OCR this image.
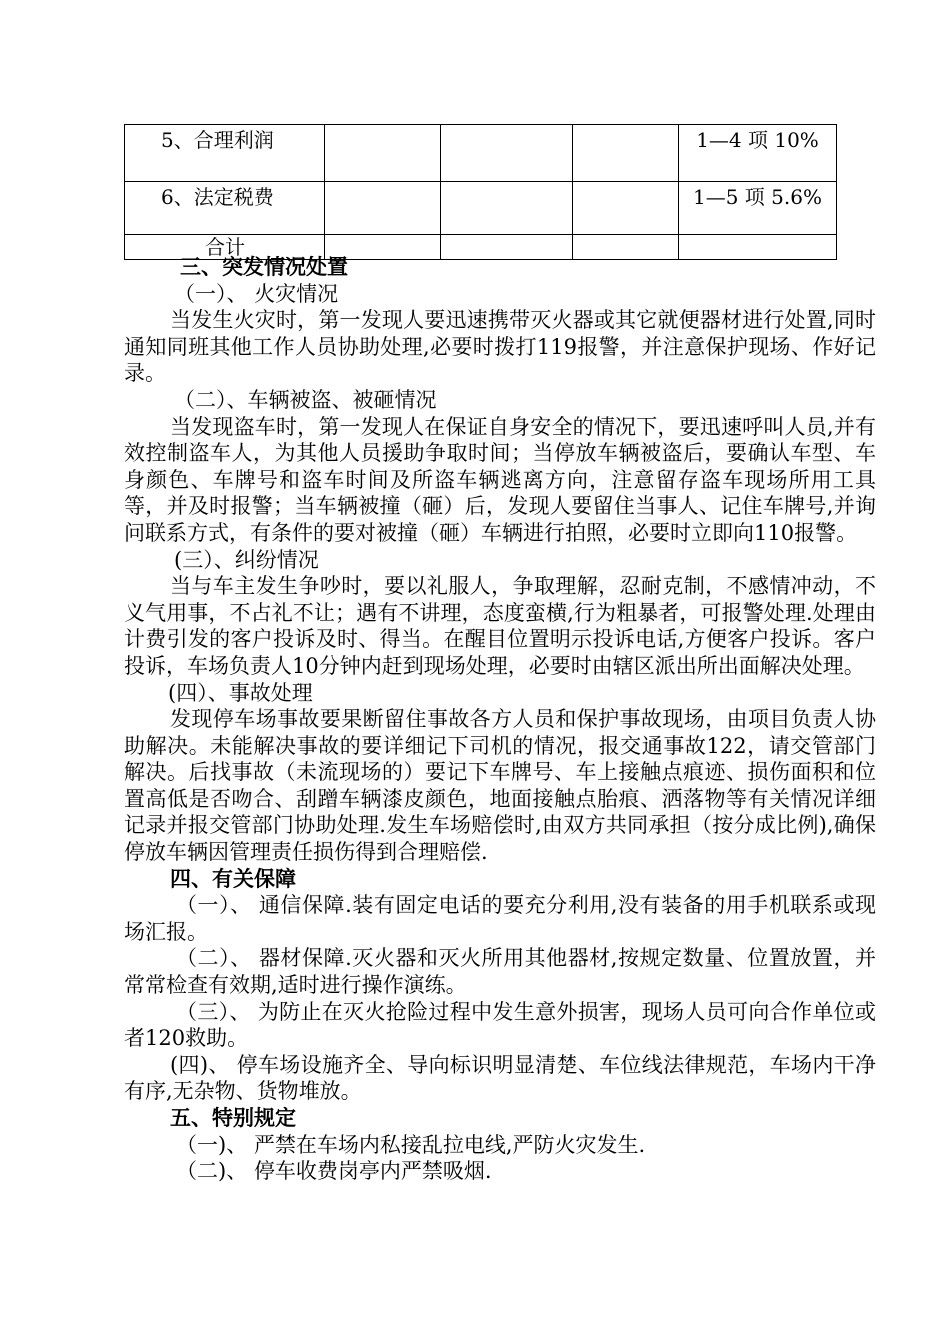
5、合理利润				1—4 项 10%
6、法定税费				1—5 项 5.6%
合计				

三、突发情况处置

（一）、 火灾情况

当发生火灾时，第一发现人要迅速携带灭火器或其它就便器材进行处置,同时通知同班其他工作人员协助处理,必要时拨打119报警，并注意保护现场、作好记录。

（二）、车辆被盗、被砸情况

当发现盗车时，第一发现人在保证自身安全的情况下，要迅速呼叫人员,并有效控制盗车人，为其他人员援助争取时间；当停放车辆被盗后，要确认车型、车身颜色、车牌号和盗车时间及所盗车辆逃离方向，注意留存盗车现场所用工具等，并及时报警；当车辆被撞（砸）后，发现人要留住当事人、记住车牌号,并询问联系方式，有条件的要对被撞（砸）车辆进行拍照，必要时立即向110报警。

(三）、纠纷情况

当与车主发生争吵时，要以礼服人，争取理解，忍耐克制，不感情冲动，不义气用事，不占礼不让；遇有不讲理，态度蛮横,行为粗暴者，可报警处理.处理由计费引发的客户投诉及时、得当。在醒目位置明示投诉电话,方便客户投诉。客户投诉，车场负责人10分钟内赶到现场处理，必要时由辖区派出所出面解决处理。

(四）、事故处理

发现停车场事故要果断留住事故各方人员和保护事故现场，由项目负责人协助解决。未能解决事故的要详细记下司机的情况，报交通事故122，请交管部门解决。后找事故（未流现场的）要记下车牌号、车上接触点痕迹、损伤面积和位置高低是否吻合、刮蹭车辆漆皮颜色，地面接触点胎痕、洒落物等有关情况详细记录并报交管部门协助处理.发生车场赔偿时,由双方共同承担（按分成比例),确保停放车辆因管理责任损伤得到合理赔偿.

四、有关保障

（一）、 通信保障.装有固定电话的要充分利用,没有装备的用手机联系或现场汇报。

（二）、 器材保障.灭火器和灭火所用其他器材,按规定数量、位置放置，并常常检查有效期,适时进行操作演练。

（三）、 为防止在灭火抢险过程中发生意外损害，现场人员可向合作单位或者120救助。

(四)、 停车场设施齐全、导向标识明显清楚、车位线法律规范，车场内干净有序,无杂物、货物堆放。

五、特别规定

（一)、 严禁在车场内私接乱拉电线,严防火灾发生.

（二)、 停车收费岗亭内严禁吸烟.
